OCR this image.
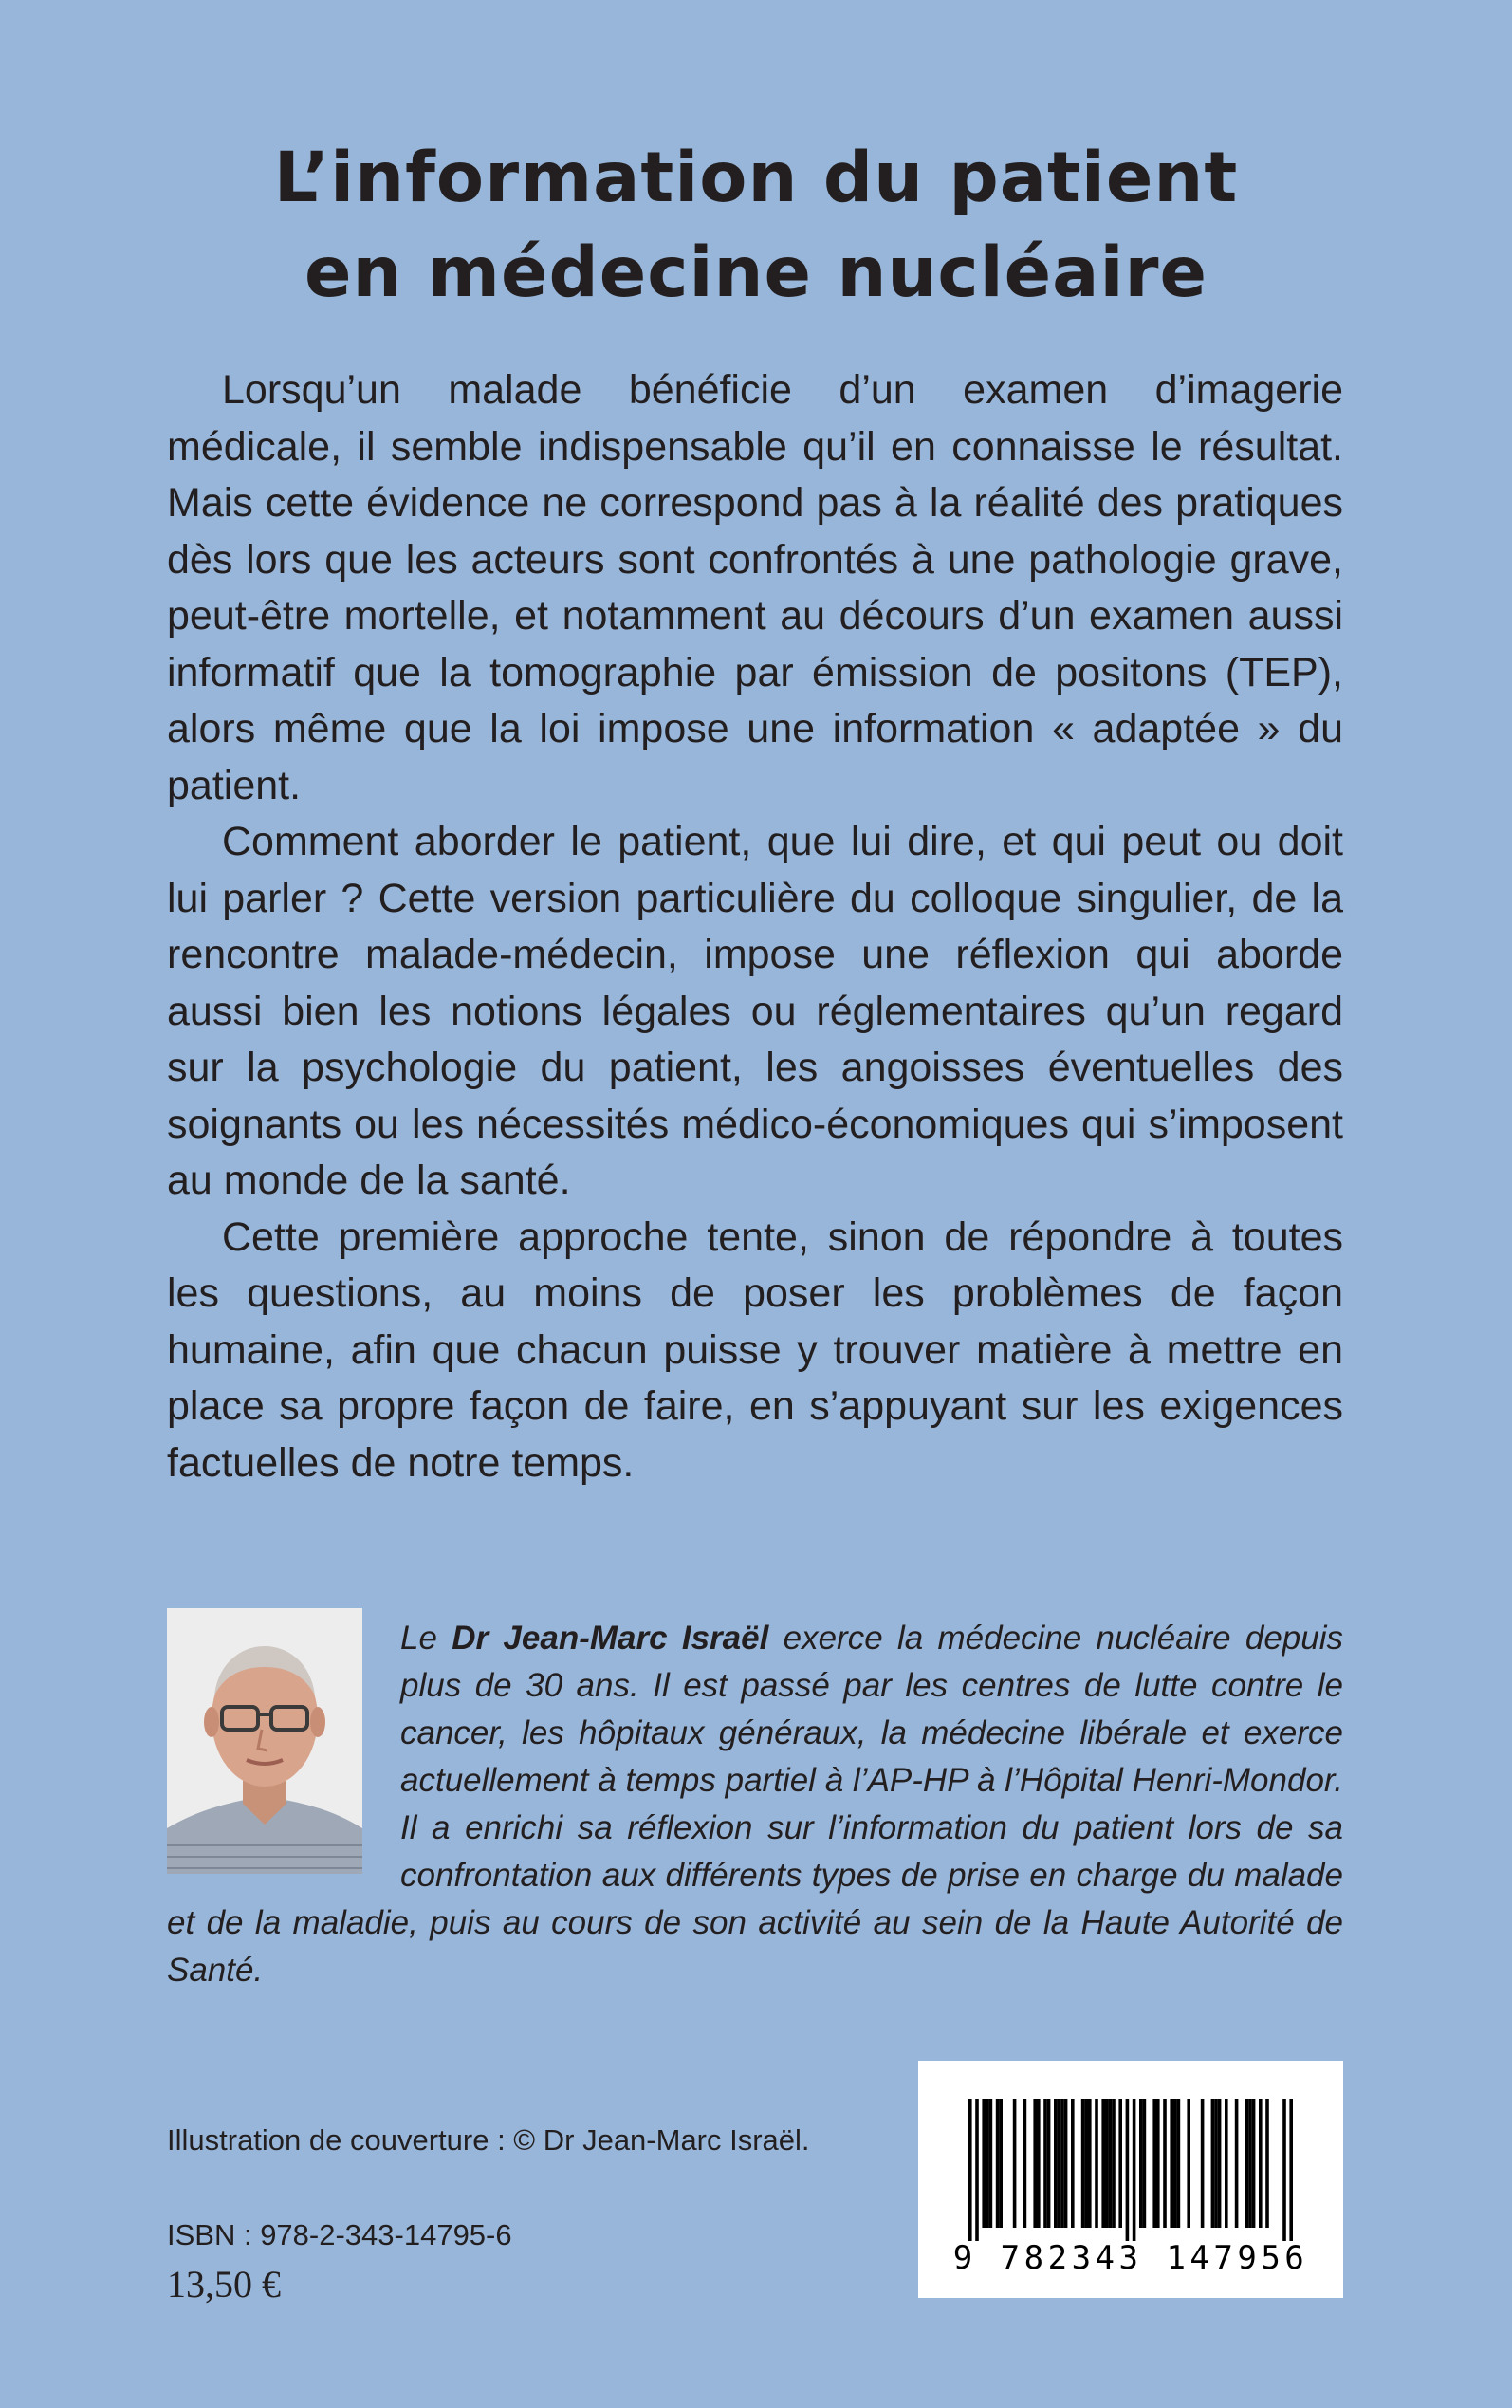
L’information du patient
en médecine nucléaire

Lorsqu’un malade bénéficie d’un examen d’imagerie médicale, il semble indispensable qu’il en connaisse le résultat. Mais cette évidence ne correspond pas à la réalité des pratiques dès lors que les acteurs sont confrontés à une pathologie grave, peut-être mortelle, et notamment au décours d’un examen aussi informatif que la tomographie par émission de positons (TEP), alors même que la loi impose une information « adaptée » du patient.

Comment aborder le patient, que lui dire, et qui peut ou doit lui parler ? Cette version particulière du colloque singulier, de la rencontre malade-médecin, impose une réflexion qui aborde aussi bien les notions légales ou réglementaires qu’un regard sur la psychologie du patient, les angoisses éventuelles des soignants ou les nécessités médico-économiques qui s’imposent au monde de la santé.

Cette première approche tente, sinon de répondre à toutes les questions, au moins de poser les problèmes de façon humaine, afin que chacun puisse y trouver matière à mettre en place sa propre façon de faire, en s’appuyant sur les exigences factuelles de notre temps.

Le Dr Jean-Marc Israël exerce la médecine nucléaire depuis plus de 30 ans. Il est passé par les centres de lutte contre le cancer, les hôpitaux généraux, la médecine libérale et exerce actuellement à temps partiel à l’AP-HP à l’Hôpital Henri-Mondor. Il a enrichi sa réflexion sur l’information du patient lors de sa confrontation aux différents types de prise en charge du malade et de la maladie, puis au cours de son activité au sein de la Haute Autorité de Santé.

Illustration de couverture : © Dr Jean-Marc Israël.

ISBN : 978-2-343-14795-6

13,50 €

9 782343 147956
